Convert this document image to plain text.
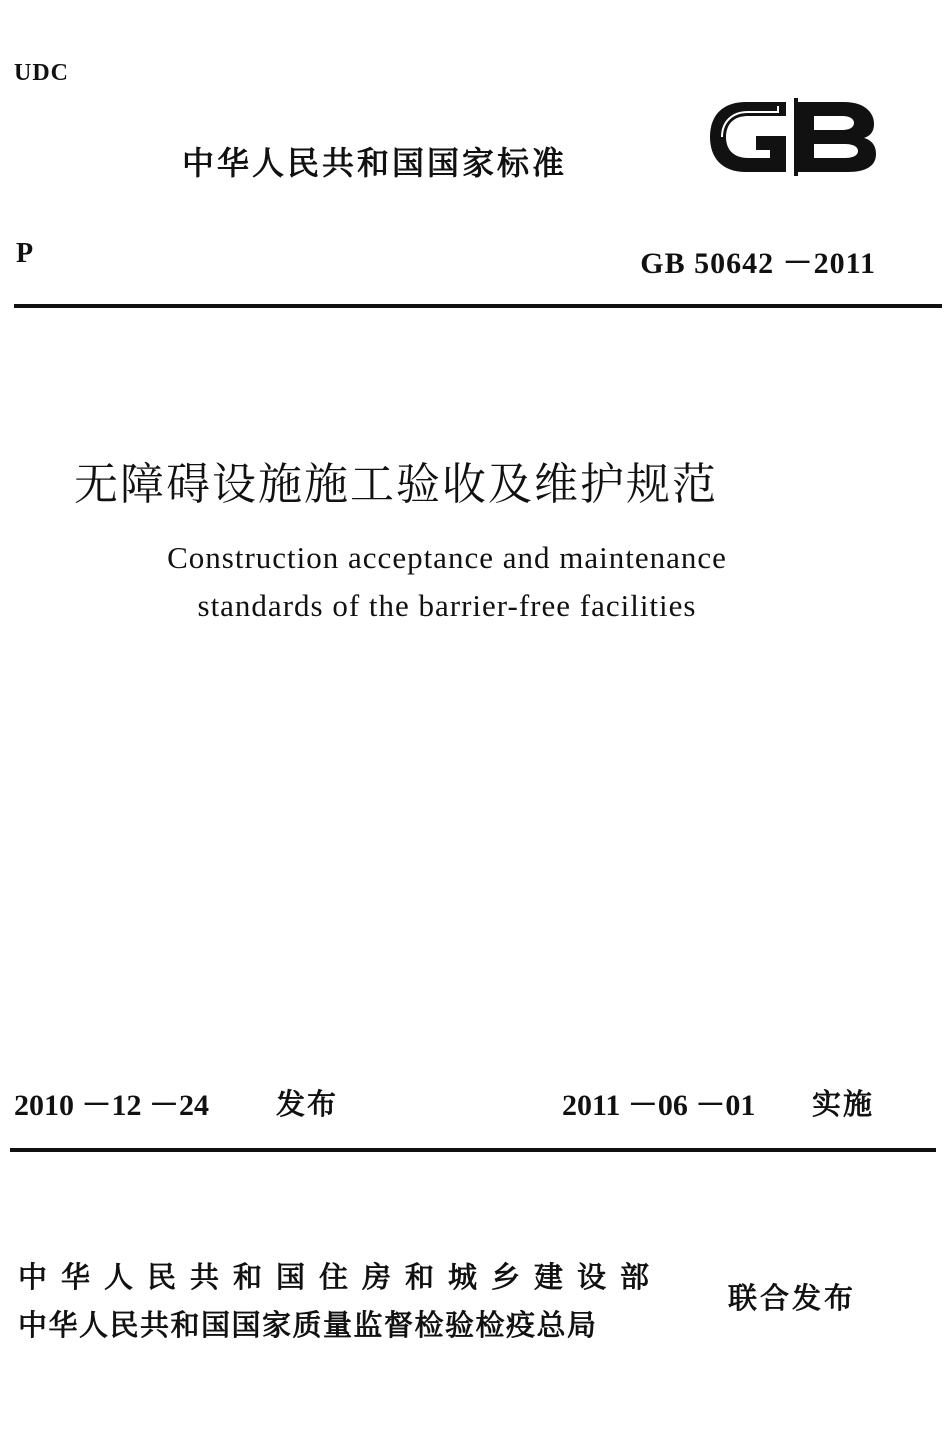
UDC
中华人民共和国国家标准
P	GB 50642 －2011
无障碍设施施工验收及维护规范
Construction acceptance and maintenance
standards of the barrier-free facilities
2010 －12 －24 发布	2011 －06 －01 实施
中华人民共和国住房和城乡建设部
中华人民共和国国家质量监督检验检疫总局
联合发布
